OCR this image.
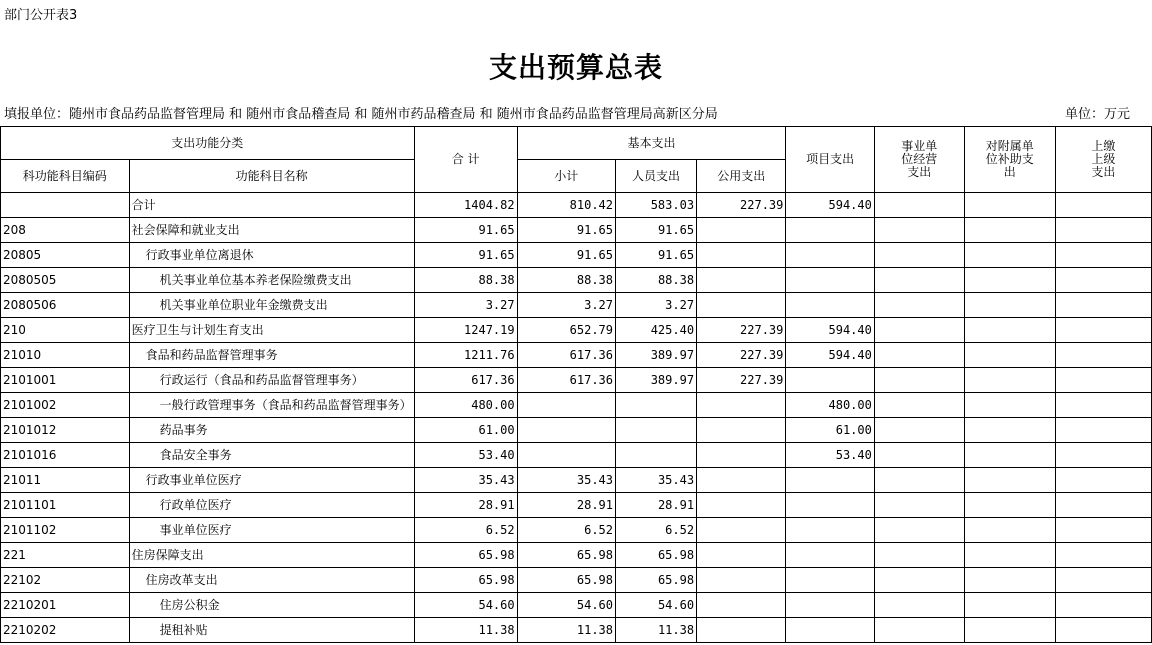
部门公开表3
支出预算总表
填报单位：随州市食品药品监督管理局 和 随州市食品稽查局 和 随州市药品稽查局 和 随州市食品药品监督管理局高新区分局	单位：万元
支出功能分类		合 计	基本支出			项目支出	事业单位经营支出	对附属单位补助支出	上缴上级支出
科功能科目编码	功能科目名称		小计	人员支出	公用支出				
	合计	1404.82	810.42	583.03	227.39	594.40			
208	社会保障和就业支出	91.65	91.65	91.65					
20805	行政事业单位离退休	91.65	91.65	91.65					
2080505	机关事业单位基本养老保险缴费支出	88.38	88.38	88.38					
2080506	机关事业单位职业年金缴费支出	3.27	3.27	3.27					
210	医疗卫生与计划生育支出	1247.19	652.79	425.40	227.39	594.40			
21010	食品和药品监督管理事务	1211.76	617.36	389.97	227.39	594.40			
2101001	行政运行（食品和药品监督管理事务）	617.36	617.36	389.97	227.39				
2101002	一般行政管理事务（食品和药品监督管理事务）	480.00				480.00			
2101012	药品事务	61.00				61.00			
2101016	食品安全事务	53.40				53.40			
21011	行政事业单位医疗	35.43	35.43	35.43					
2101101	行政单位医疗	28.91	28.91	28.91					
2101102	事业单位医疗	6.52	6.52	6.52					
221	住房保障支出	65.98	65.98	65.98					
22102	住房改革支出	65.98	65.98	65.98					
2210201	住房公积金	54.60	54.60	54.60					
2210202	提租补贴	11.38	11.38	11.38					
